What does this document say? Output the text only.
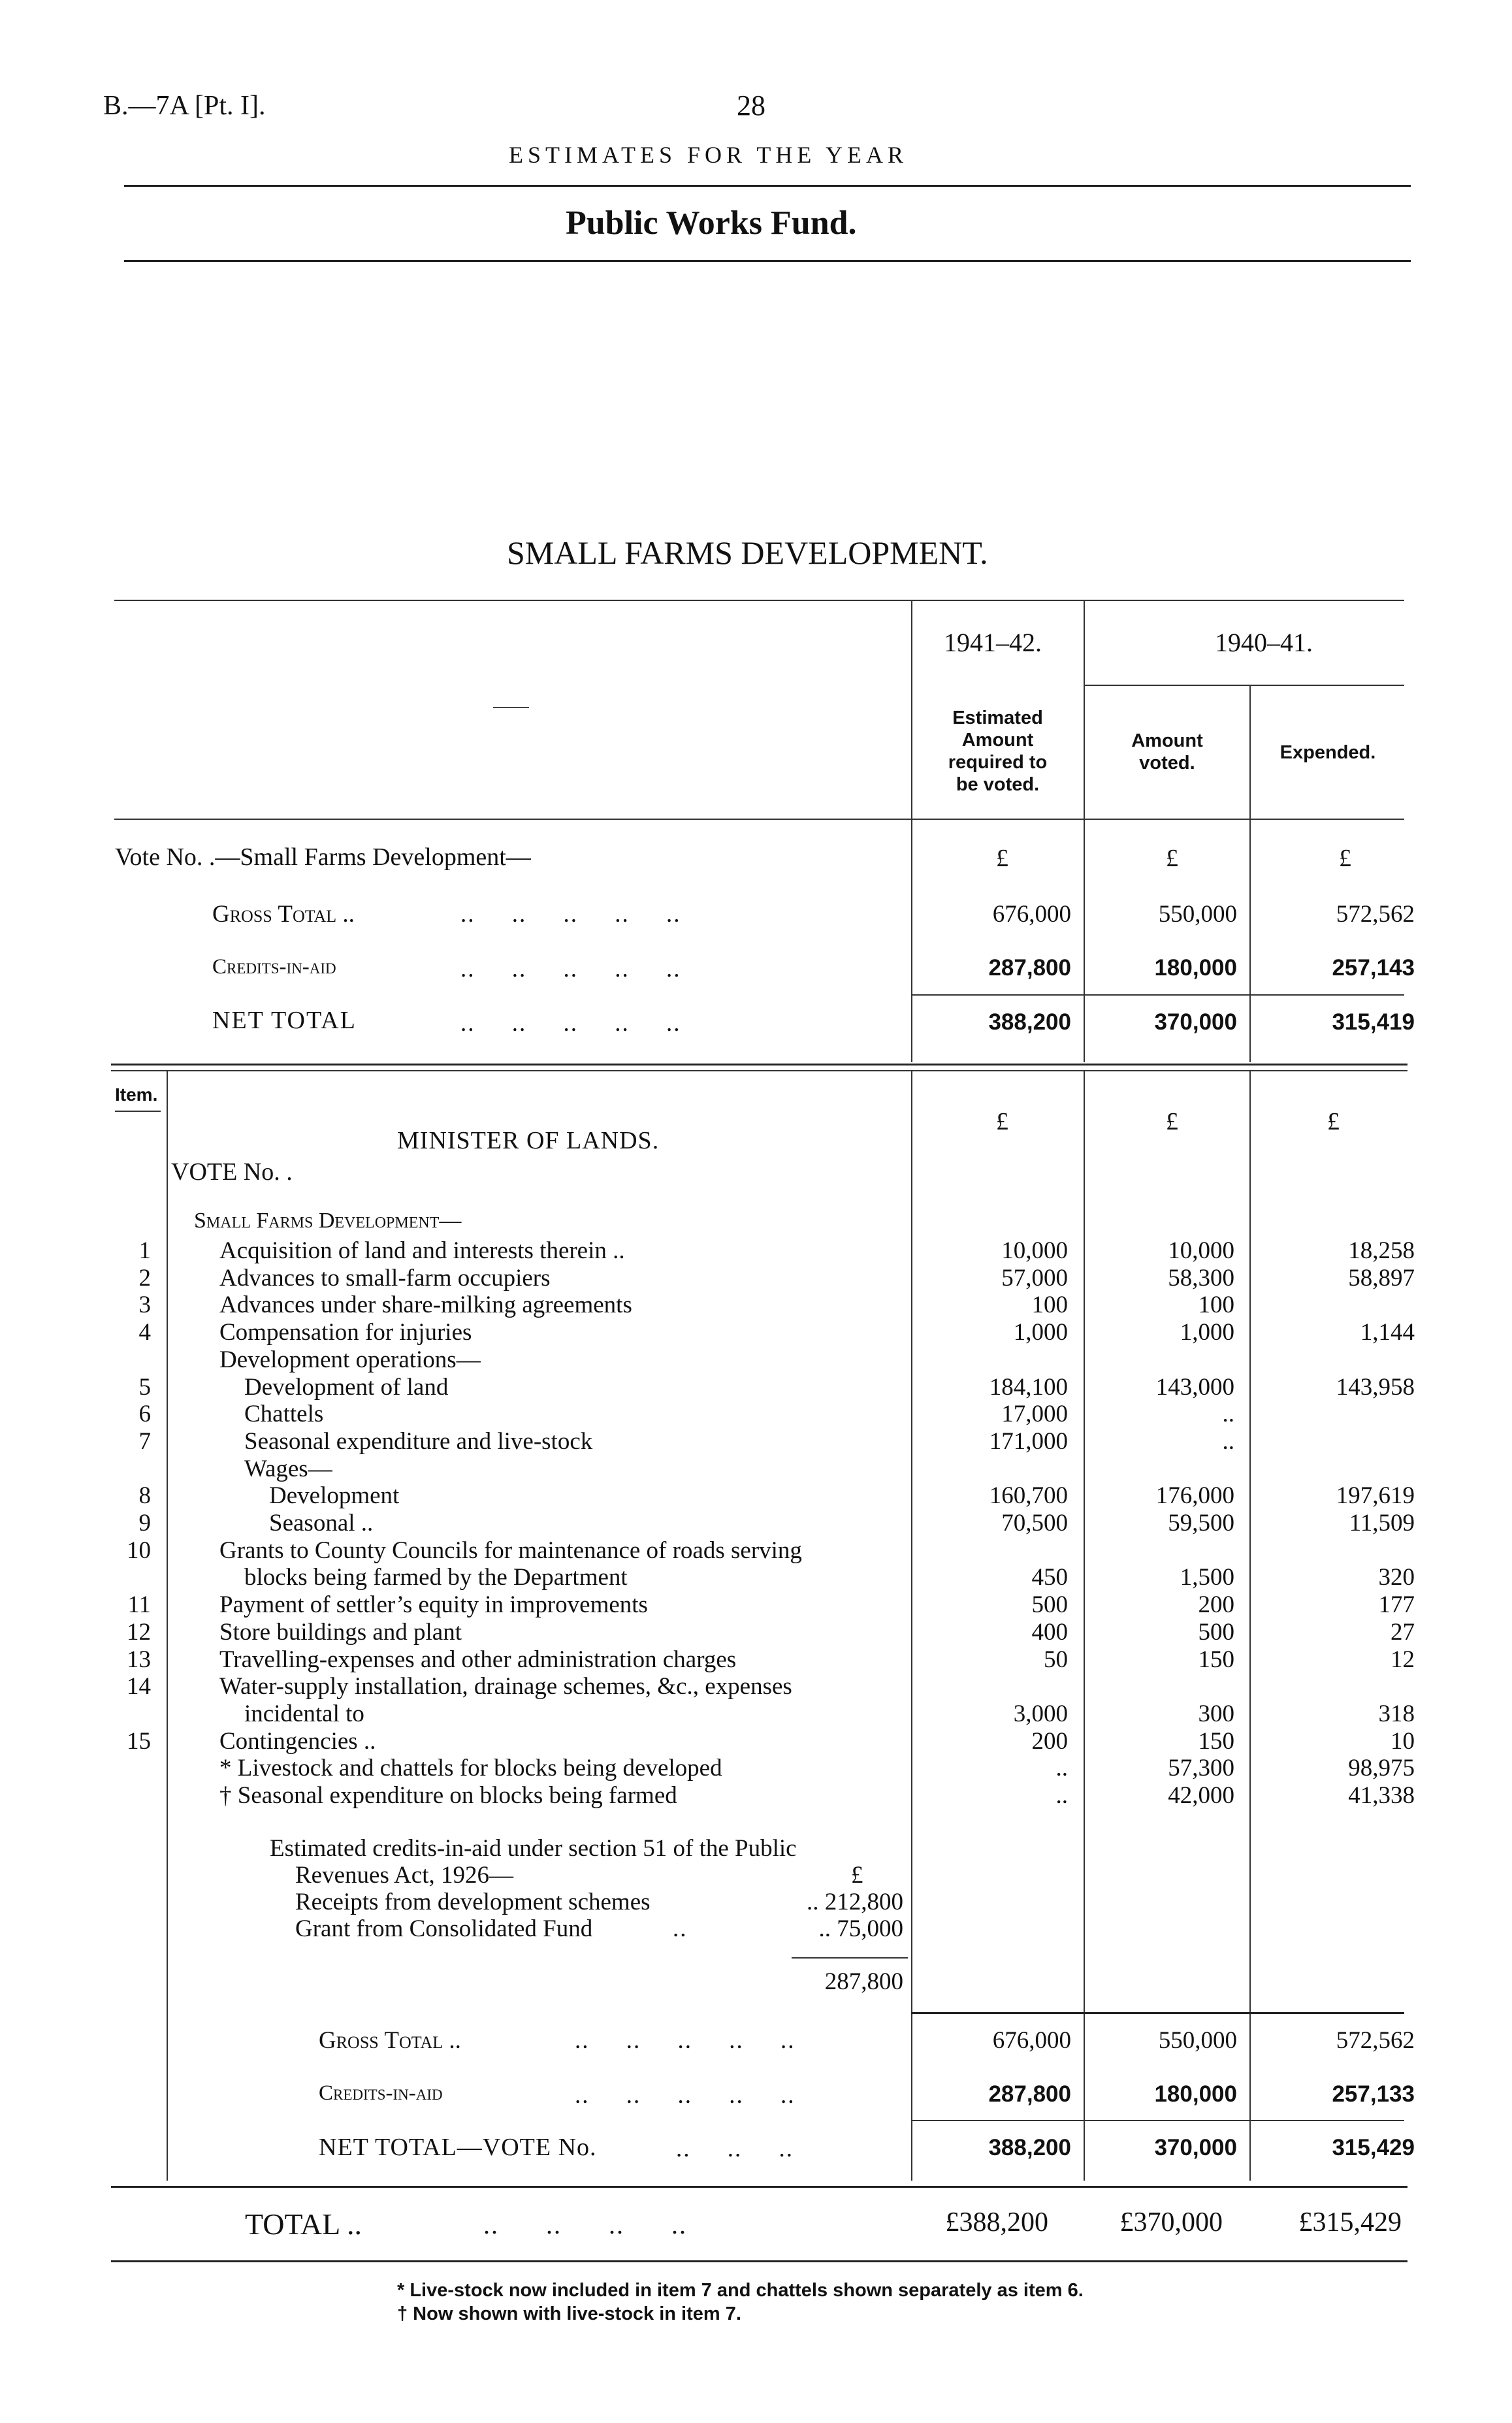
B.—7A [Pt. I].	28
ESTIMATES FOR THE YEAR
Public Works Fund.
SMALL FARMS DEVELOPMENT.
1941–42.	1940–41.
Estimated
Amount
required to
be voted.
Amount
voted.	Expended.
Vote No. .—Small Farms Development—	£	£	£
Gross Total ..	..     ..     ..     ..     ..	676,000	550,000	572,562
Credits-in-aid	..     ..     ..     ..     ..	287,800	180,000	257,143
NET TOTAL	..     ..     ..     ..     ..	388,200	370,000	315,419
Item.
£	£	£
MINISTER OF LANDS.
VOTE No. .
Small Farms Development—
1	Acquisition of land and interests therein ..	10,000	10,000	18,258
2	Advances to small-farm occupiers	57,000	58,300	58,897
3	Advances under share-milking agreements	100	100
4	Compensation for injuries	1,000	1,000	1,144
Development operations—
5	Development of land	184,100	143,000	143,958
6	Chattels	17,000	..
7	Seasonal expenditure and live-stock	171,000	..
Wages—
8	Development	160,700	176,000	197,619
9	Seasonal ..	70,500	59,500	11,509
10	Grants to County Councils for maintenance of roads serving
blocks being farmed by the Department	450	1,500	320
11	Payment of settler’s equity in improvements	500	200	177
12	Store buildings and plant	400	500	27
13	Travelling-expenses and other administration charges	50	150	12
14	Water-supply installation, drainage schemes, &c., expenses
incidental to	3,000	300	318
15	Contingencies ..	200	150	10
* Livestock and chattels for blocks being developed	..	57,300	98,975
† Seasonal expenditure on blocks being farmed	..	42,000	41,338
Estimated credits-in-aid under section 51 of the Public
Revenues Act, 1926—	£
Receipts from development schemes	.. 212,800
Grant from Consolidated Fund	..	.. 75,000
287,800
Gross Total ..	..     ..     ..     ..     ..	676,000	550,000	572,562
Credits-in-aid	..     ..     ..     ..     ..	287,800	180,000	257,133
NET TOTAL—VOTE No.	..     ..     ..	388,200	370,000	315,429
TOTAL ..	..      ..      ..      ..	£388,200	£370,000	£315,429
* Live-stock now included in item 7 and chattels shown separately as item 6.
† Now shown with live-stock in item 7.
